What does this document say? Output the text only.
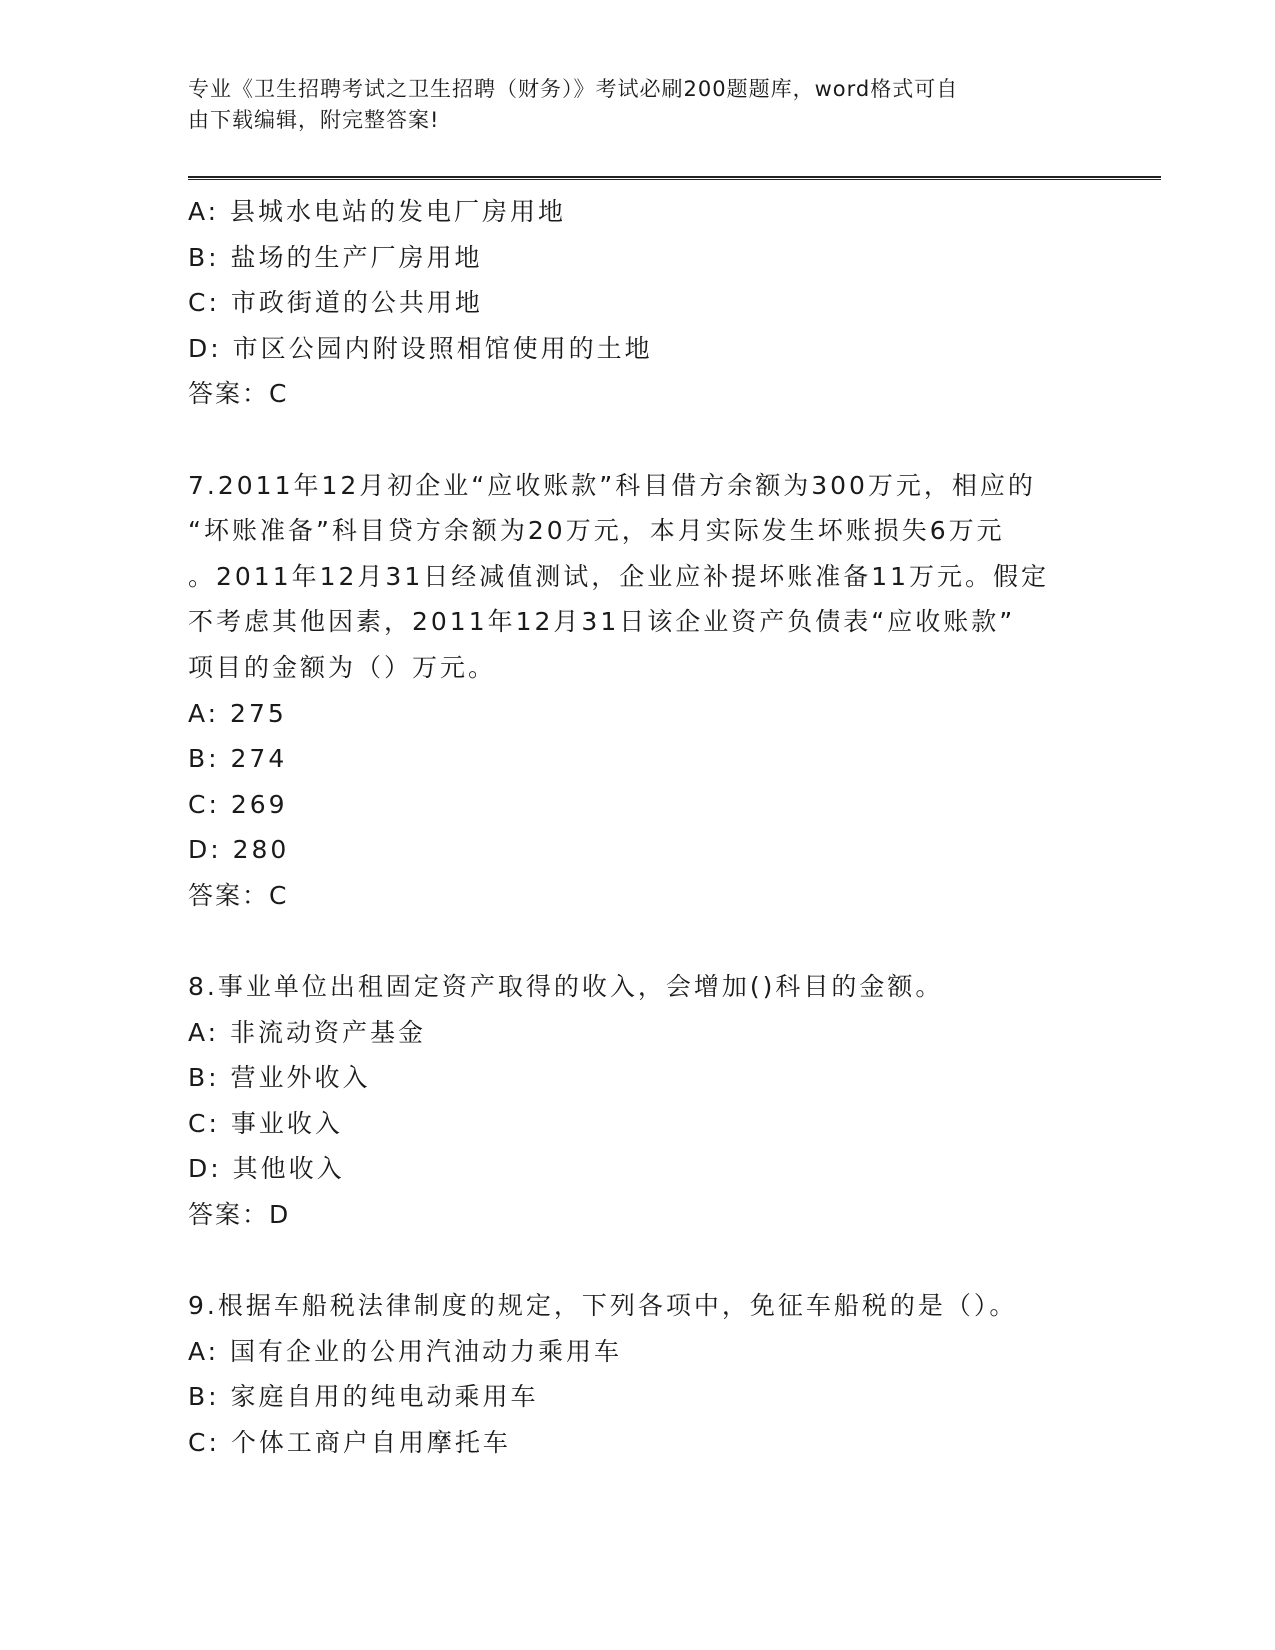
专业《卫生招聘考试之卫生招聘（财务）》考试必刷200题题库，word格式可自
由下载编辑，附完整答案!
A: 县城水电站的发电厂房用地
B: 盐场的生产厂房用地
C: 市政街道的公共用地
D: 市区公园内附设照相馆使用的土地
答案：C
7.2011年12月初企业“应收账款”科目借方余额为300万元，相应的
“坏账准备”科目贷方余额为20万元，本月实际发生坏账损失6万元
。2011年12月31日经减值测试，企业应补提坏账准备11万元。假定
不考虑其他因素，2011年12月31日该企业资产负债表“应收账款”
项目的金额为（）万元。
A: 275
B: 274
C: 269
D: 280
答案：C
8.事业单位出租固定资产取得的收入，会增加()科目的金额。
A: 非流动资产基金
B: 营业外收入
C: 事业收入
D: 其他收入
答案：D
9.根据车船税法律制度的规定，下列各项中，免征车船税的是（）。
A: 国有企业的公用汽油动力乘用车
B: 家庭自用的纯电动乘用车
C: 个体工商户自用摩托车
